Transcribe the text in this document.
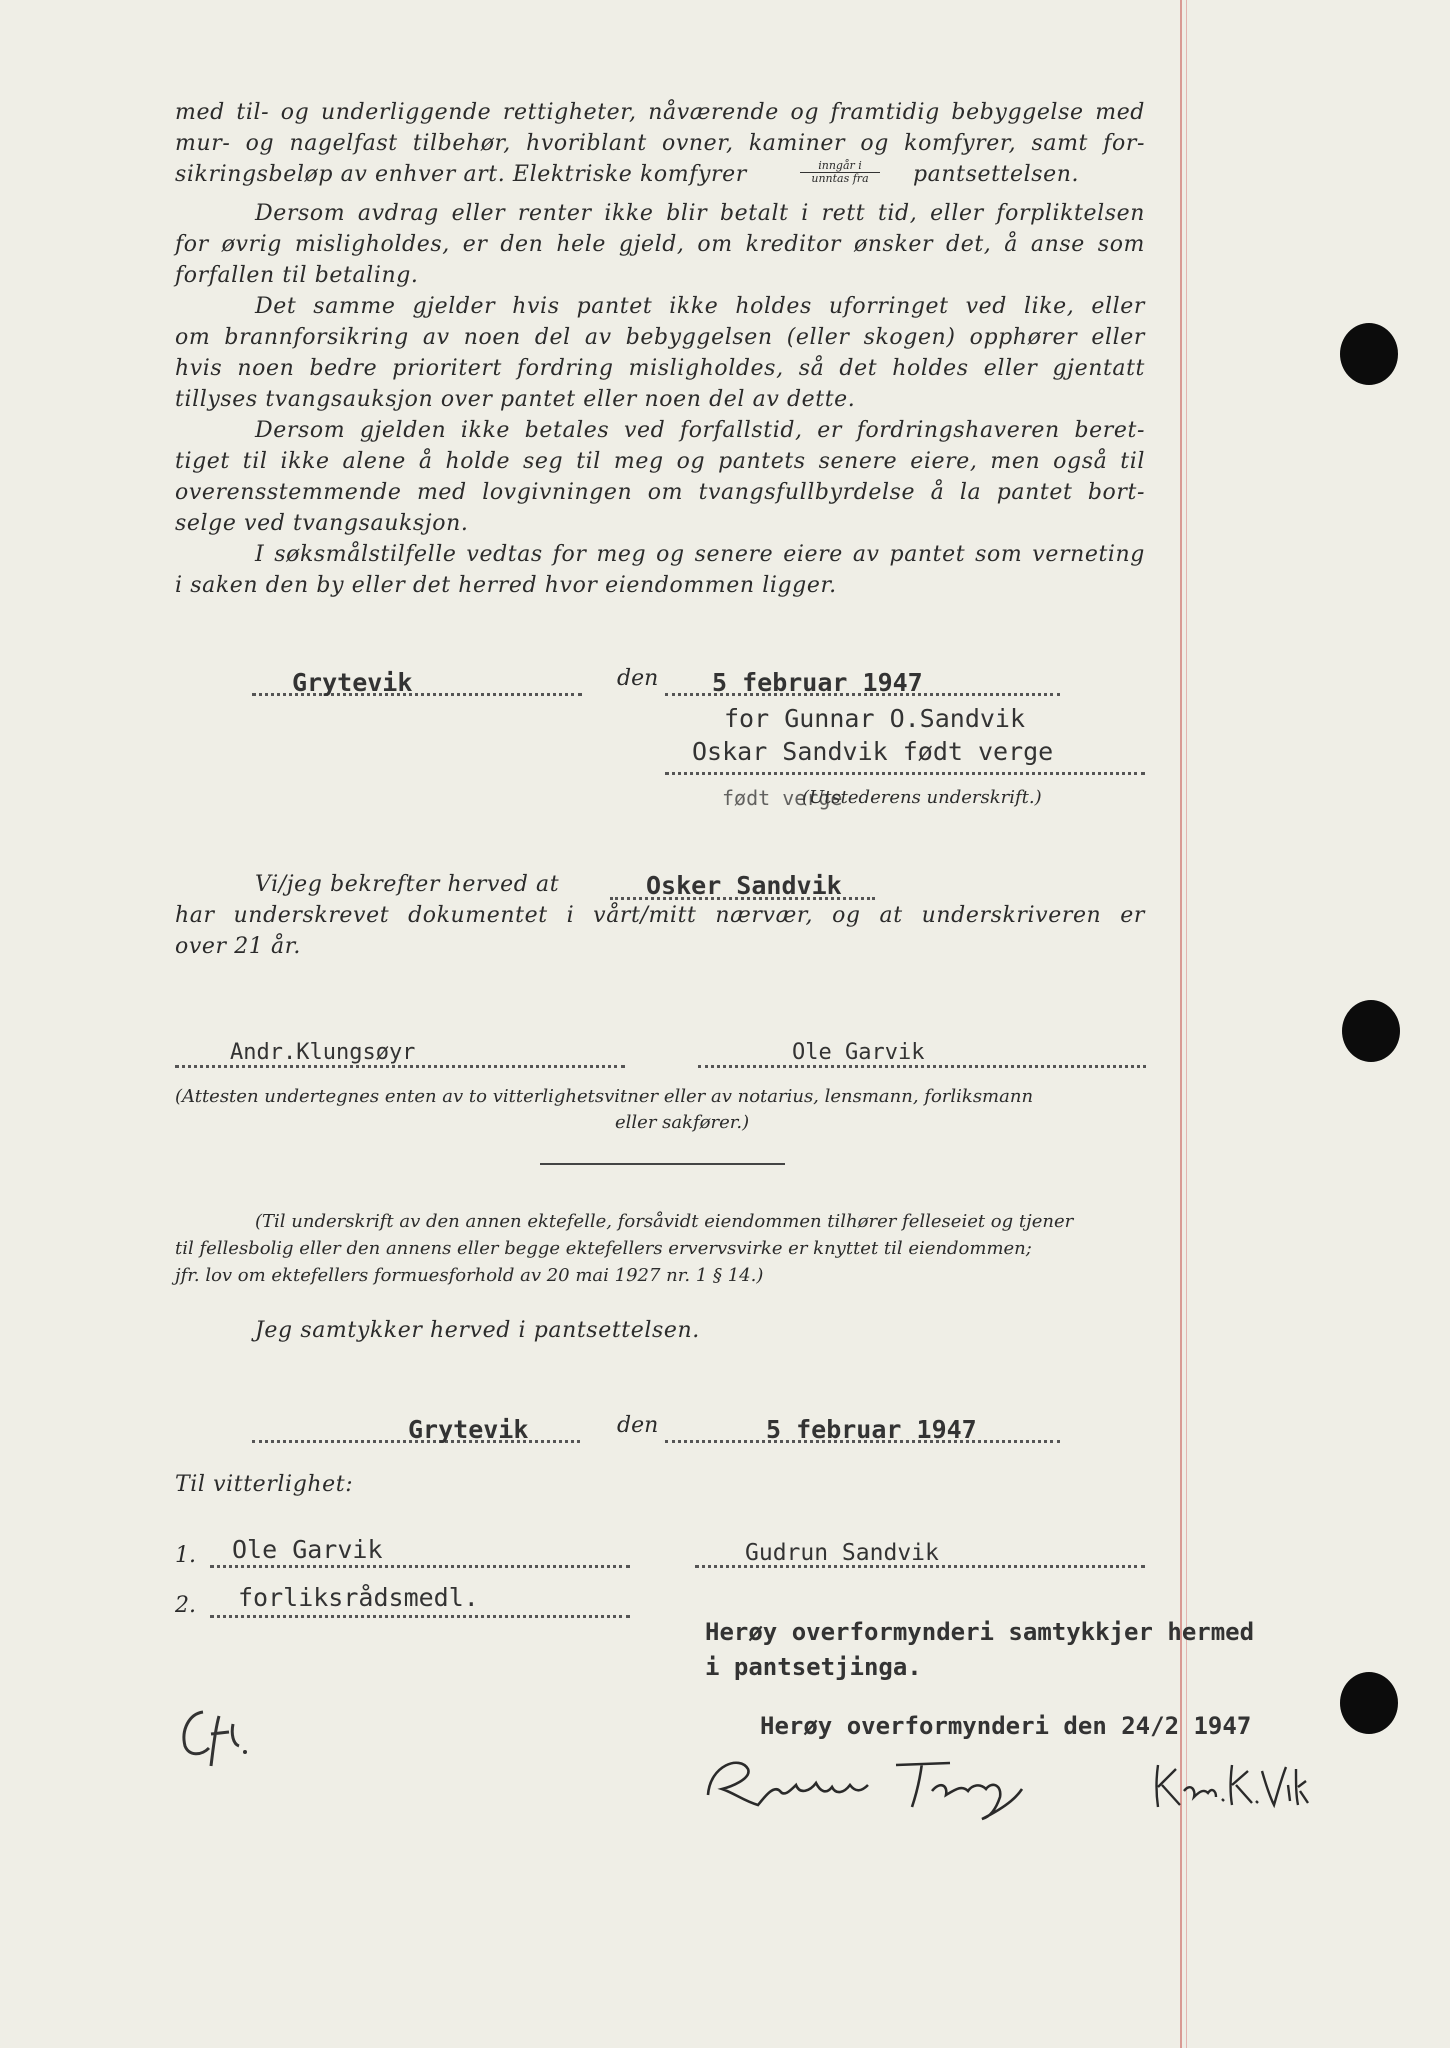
med til- og underliggende rettigheter, nåværende og framtidig bebyggelse med
mur- og nagelfast tilbehør, hvoriblant ovner, kaminer og komfyrer, samt for-
sikringsbeløp av enhver art. Elektriske komfyrer	inngår i
unntas fra	pantsettelsen.
Dersom avdrag eller renter ikke blir betalt i rett tid, eller forpliktelsen
for øvrig misligholdes, er den hele gjeld, om kreditor ønsker det, å anse som
forfallen til betaling.
Det samme gjelder hvis pantet ikke holdes uforringet ved like, eller
om brannforsikring av noen del av bebyggelsen (eller skogen) opphører eller
hvis noen bedre prioritert fordring misligholdes, så det holdes eller gjentatt
tillyses tvangsauksjon over pantet eller noen del av dette.
Dersom gjelden ikke betales ved forfallstid, er fordringshaveren beret-
tiget til ikke alene å holde seg til meg og pantets senere eiere, men også til
overensstemmende med lovgivningen om tvangsfullbyrdelse å la pantet bort-
selge ved tvangsauksjon.
I søksmålstilfelle vedtas for meg og senere eiere av pantet som verneting
i saken den by eller det herred hvor eiendommen ligger.
Grytevik	den 5 februar 1947
for Gunnar O.Sandvik
Oskar Sandvik født verge
født verge
(Utstederens underskrift.)
Vi/jeg bekrefter herved at	Osker Sandvik
har underskrevet dokumentet i vårt/mitt nærvær, og at underskriveren er
over 21 år.
Andr.Klungsøyr	Ole Garvik
(Attesten undertegnes enten av to vitterlighetsvitner eller av notarius, lensmann, forliksmann
eller sakfører.)
(Til underskrift av den annen ektefelle, forsåvidt eiendommen tilhører felleseiet og tjener
til fellesbolig eller den annens eller begge ektefellers ervervsvirke er knyttet til eiendommen;
jfr. lov om ektefellers formuesforhold av 20 mai 1927 nr. 1 § 14.)
Jeg samtykker herved i pantsettelsen.
Grytevik	den	5 februar 1947
Til vitterlighet:
1. Ole Garvik	Gudrun Sandvik
2. forliksrådsmedl.
Herøy overformynderi samtykkjer hermed
i pantsetjinga.
Herøy overformynderi den 24/2 1947
